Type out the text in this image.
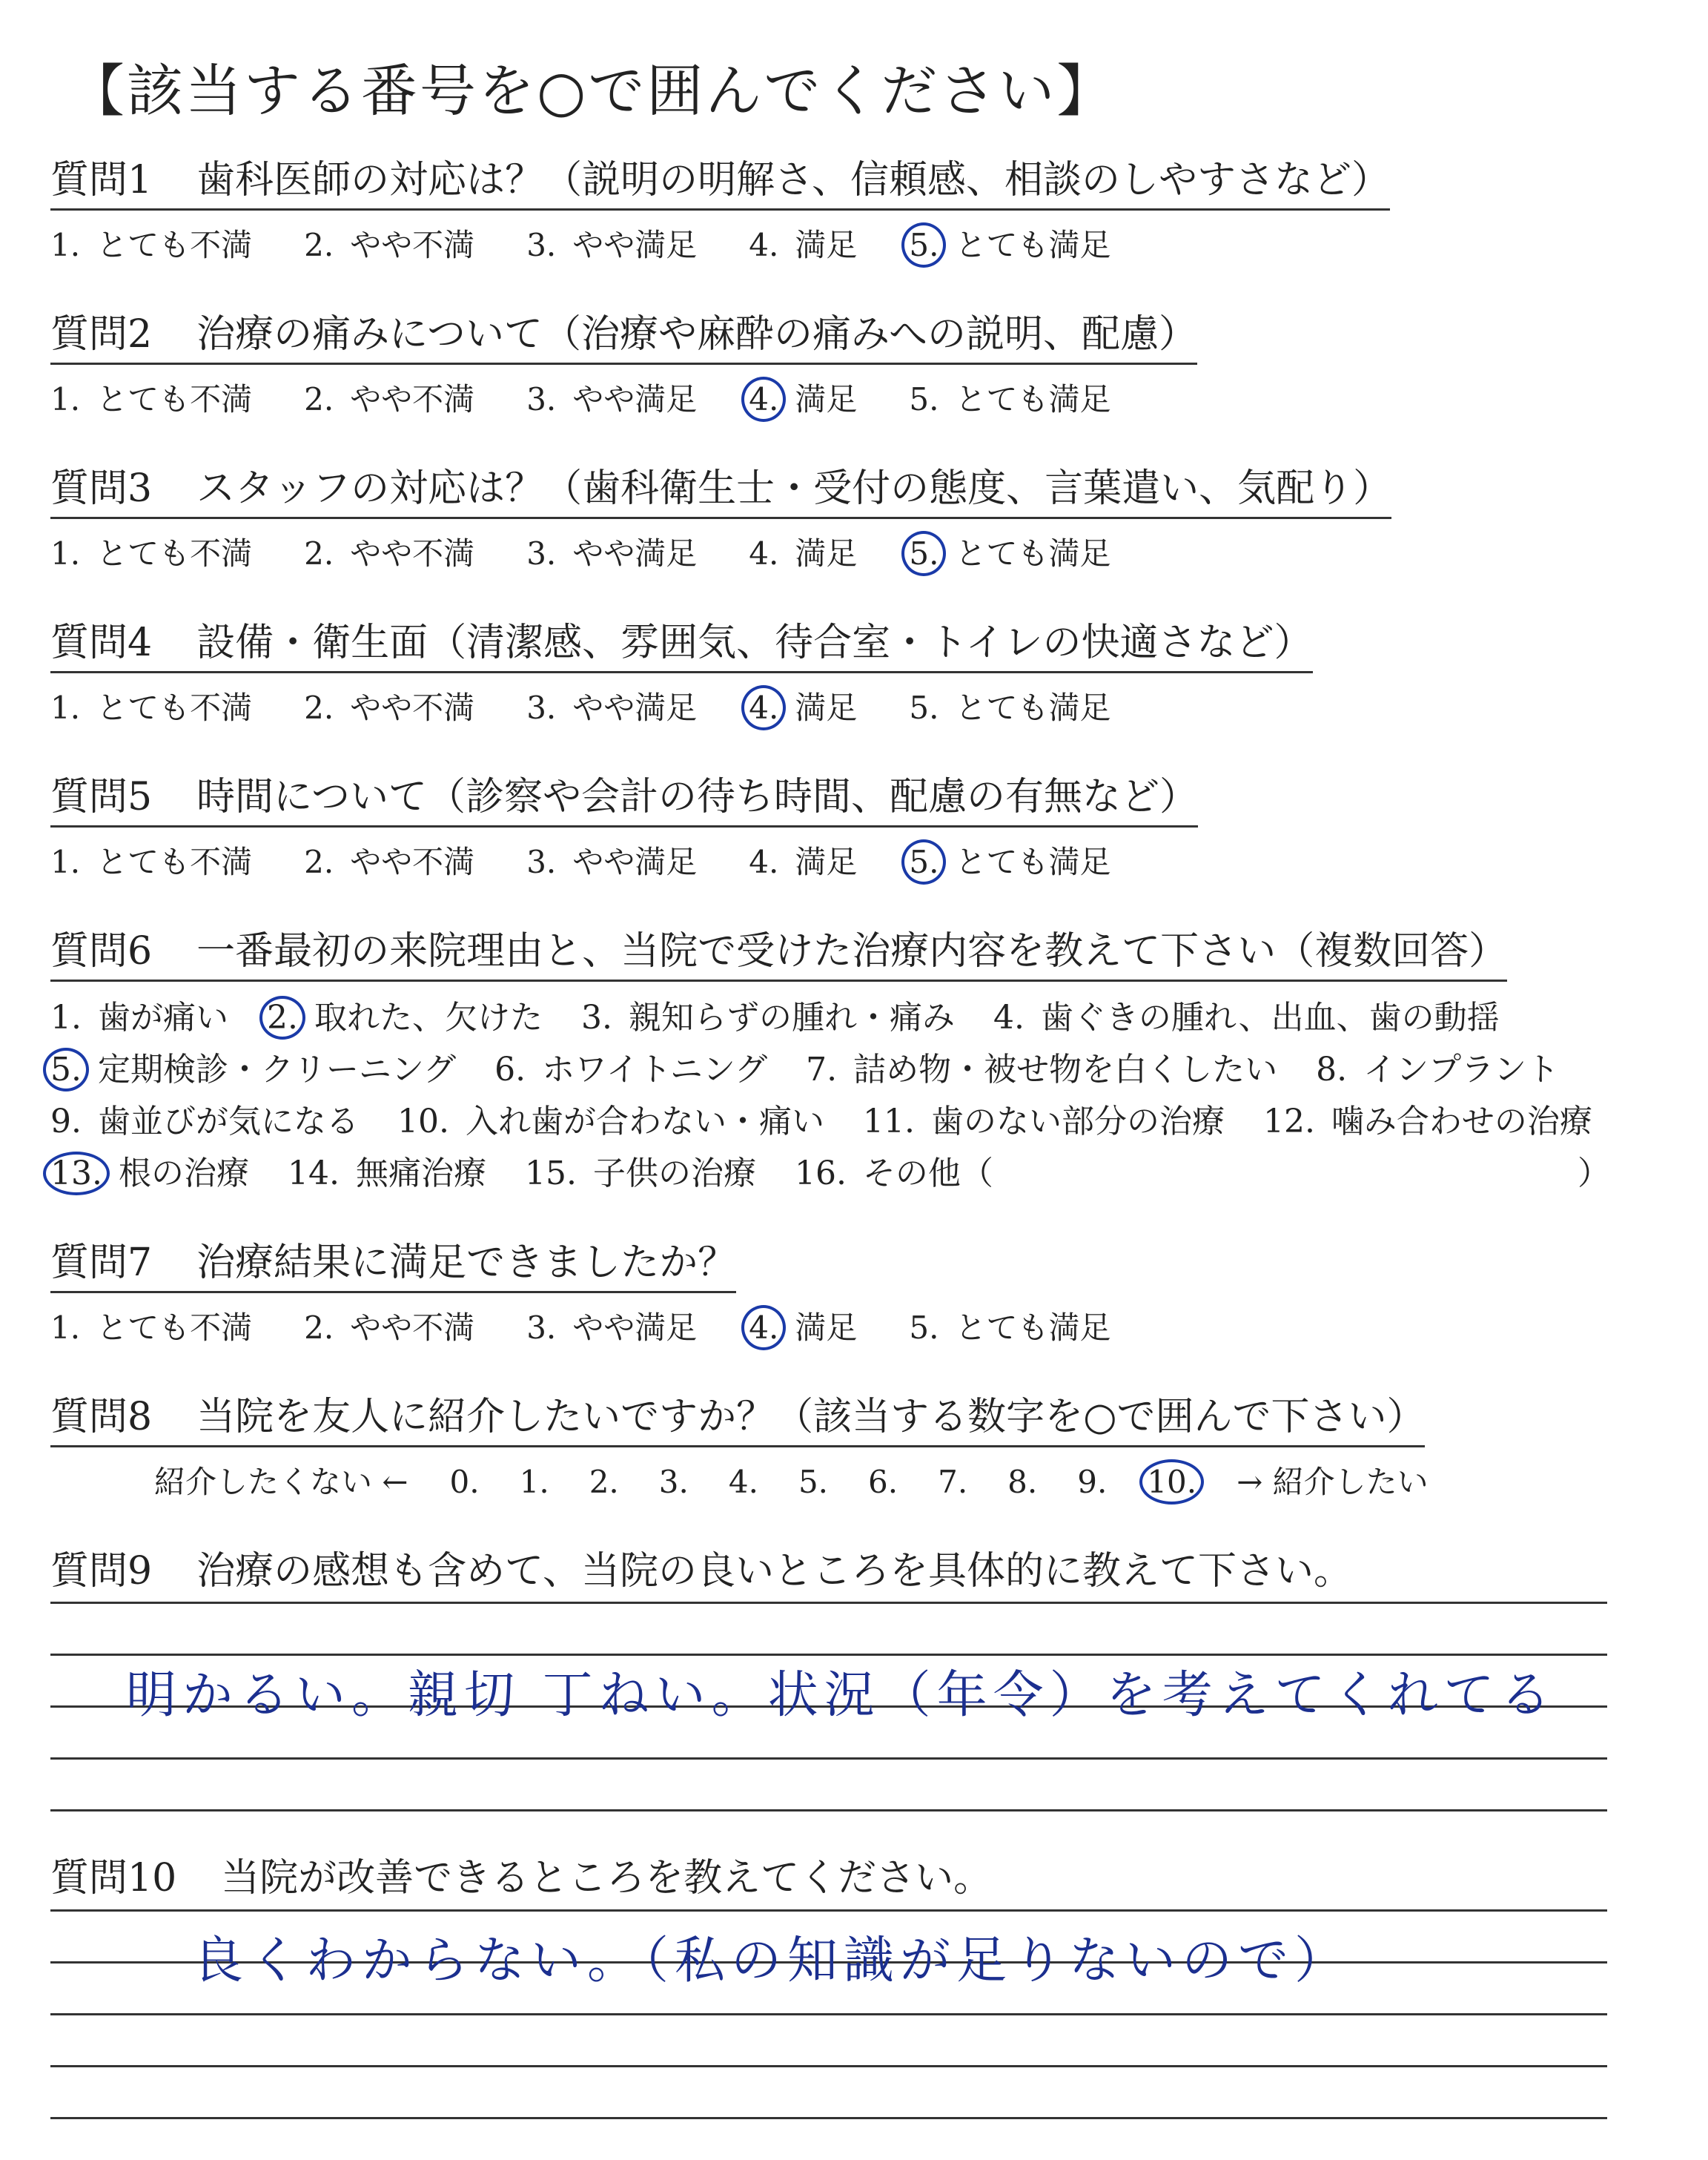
【該当する番号を○で囲んでください】
質問1 歯科医師の対応は？（説明の明解さ、信頼感、相談のしやすさなど）
1. とても不満 2. やや不満 3. やや満足 4. 満足 5. とても満足
質問2 治療の痛みについて（治療や麻酔の痛みへの説明、配慮）
1. とても不満 2. やや不満 3. やや満足 4. 満足 5. とても満足
質問3 スタッフの対応は？（歯科衛生士・受付の態度、言葉遣い、気配り）
1. とても不満 2. やや不満 3. やや満足 4. 満足 5. とても満足
質問4 設備・衛生面（清潔感、雰囲気、待合室・トイレの快適さなど）
1. とても不満 2. やや不満 3. やや満足 4. 満足 5. とても満足
質問5 時間について（診察や会計の待ち時間、配慮の有無など）
1. とても不満 2. やや不満 3. やや満足 4. 満足 5. とても満足
質問6 一番最初の来院理由と、当院で受けた治療内容を教えて下さい（複数回答）
1. 歯が痛い 2. 取れた、欠けた 3. 親知らずの腫れ・痛み 4. 歯ぐきの腫れ、出血、歯の動揺
5. 定期検診・クリーニング 6. ホワイトニング 7. 詰め物・被せ物を白くしたい 8. インプラント
9. 歯並びが気になる 10. 入れ歯が合わない・痛い 11. 歯のない部分の治療 12. 噛み合わせの治療
13. 根の治療 14. 無痛治療 15. 子供の治療 16. その他（	）
質問7 治療結果に満足できましたか？
1. とても不満 2. やや不満 3. やや満足 4. 満足 5. とても満足
質問8 当院を友人に紹介したいですか？（該当する数字を○で囲んで下さい）
紹介したくない ← 0. 1. 2. 3. 4. 5. 6. 7. 8. 9. 10. → 紹介したい
質問9 治療の感想も含めて、当院の良いところを具体的に教えて下さい。
明かるい。親切 丁ねい。状況（年令）を考えてくれてる
質問10 当院が改善できるところを教えてください。
良くわからない。（私の知識が足りないので）
